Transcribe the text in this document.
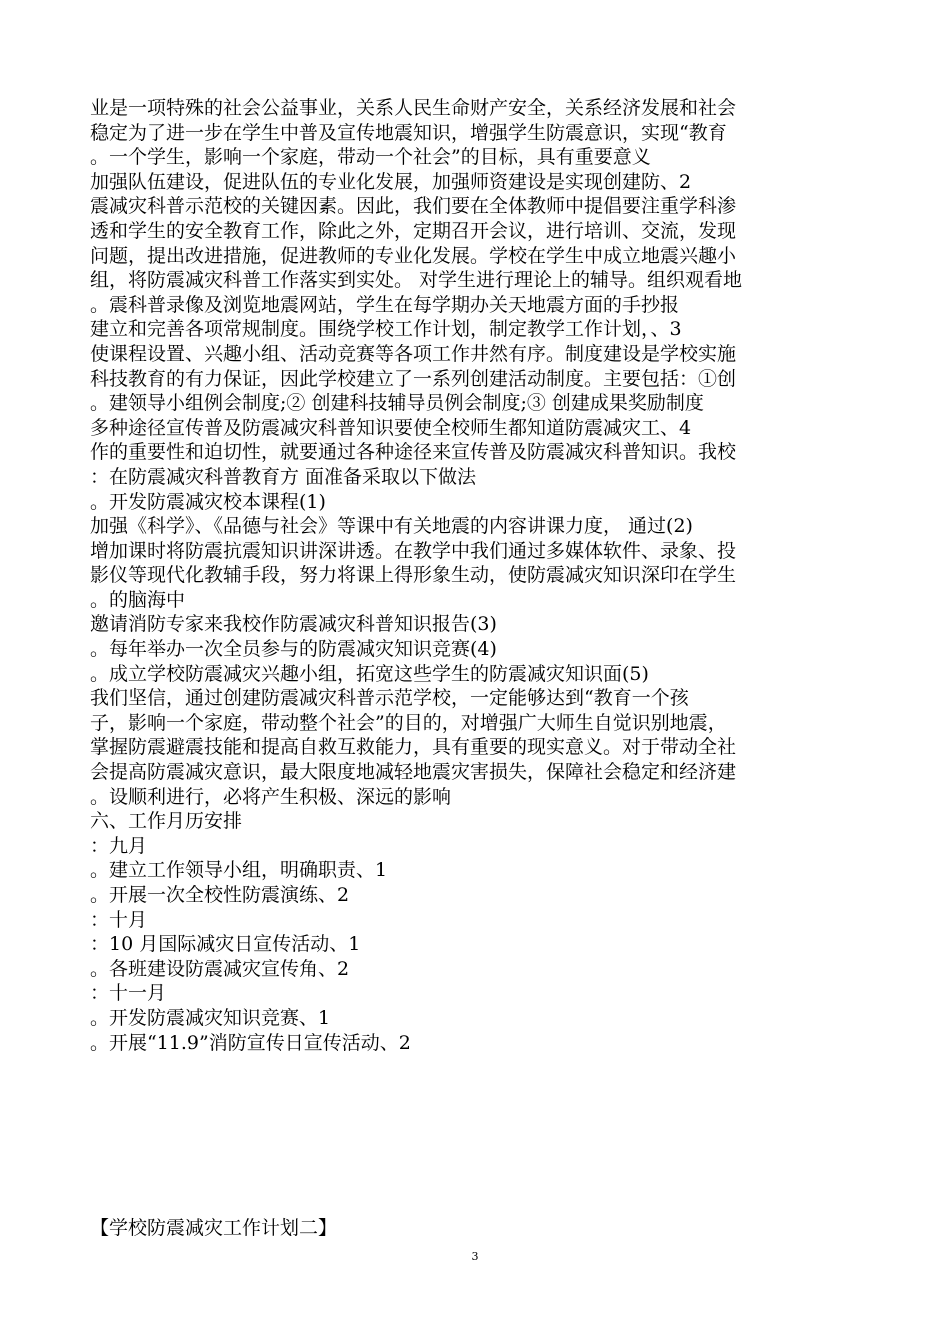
业是一项特殊的社会公益事业，关系人民生命财产安全，关系经济发展和社会
稳定为了进一步在学生中普及宣传地震知识，增强学生防震意识，实现“教育
。一个学生，影响一个家庭，带动一个社会”的目标，具有重要意义
加强队伍建设，促进队伍的专业化发展，加强师资建设是实现创建防、2
震减灾科普示范校的关键因素。因此，我们要在全体教师中提倡要注重学科渗
透和学生的安全教育工作，除此之外，定期召开会议，进行培训、交流，发现
问题，提出改进措施，促进教师的专业化发展。学校在学生中成立地震兴趣小
组，将防震减灾科普工作落实到实处。 对学生进行理论上的辅导。组织观看地
。震科普录像及浏览地震网站，学生在每学期办关天地震方面的手抄报
建立和完善各项常规制度。围绕学校工作计划，制定教学工作计划，、3
使课程设置、兴趣小组、活动竞赛等各项工作井然有序。制度建设是学校实施
科技教育的有力保证，因此学校建立了一系列创建活动制度。主要包括：①创
。建领导小组例会制度;② 创建科技辅导员例会制度;③ 创建成果奖励制度
多种途径宣传普及防震减灾科普知识要使全校师生都知道防震减灾工、4
作的重要性和迫切性，就要通过各种途径来宣传普及防震减灾科普知识。我校
：在防震减灾科普教育方 面准备采取以下做法
。开发防震减灾校本课程(1)
加强《科学》、《品德与社会》等课中有关地震的内容讲课力度， 通过(2)
增加课时将防震抗震知识讲深讲透。在教学中我们通过多媒体软件、录象、投
影仪等现代化教辅手段，努力将课上得形象生动，使防震减灾知识深印在学生
。的脑海中
邀请消防专家来我校作防震减灾科普知识报告(3)
。每年举办一次全员参与的防震减灾知识竞赛(4)
。成立学校防震减灾兴趣小组，拓宽这些学生的防震减灾知识面(5)
我们坚信，通过创建防震减灾科普示范学校，一定能够达到“教育一个孩
子，影响一个家庭，带动整个社会”的目的，对增强广大师生自觉识别地震，
掌握防震避震技能和提高自救互救能力，具有重要的现实意义。对于带动全社
会提高防震减灾意识，最大限度地减轻地震灾害损失，保障社会稳定和经济建
。设顺利进行，必将产生积极、深远的影响
六、工作月历安排
：九月
。建立工作领导小组，明确职责、1
。开展一次全校性防震演练、2
：十月
：10 月国际减灾日宣传活动、1
。各班建设防震减灾宣传角、2
：十一月
。开发防震减灾知识竞赛、1
。开展“11.9”消防宣传日宣传活动、2
【学校防震减灾工作计划二】
3
